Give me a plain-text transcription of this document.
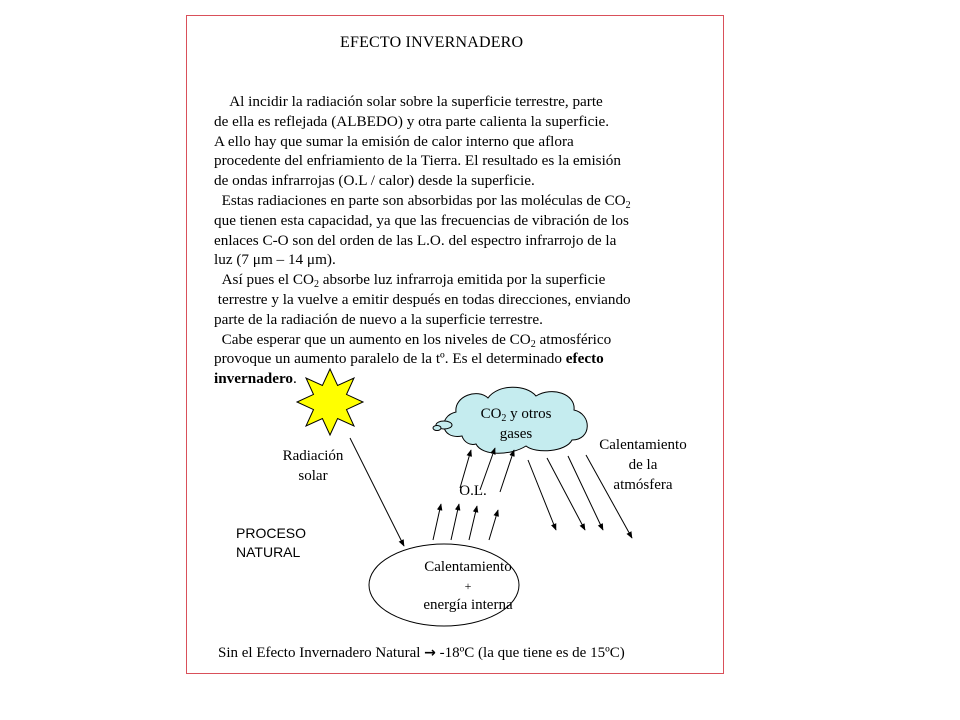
EFECTO INVERNADERO
Al incidir la radiación solar sobre la superficie terrestre, parte
de ella es reflejada (ALBEDO) y otra parte calienta la superficie.
A ello hay que sumar la emisión de calor interno que aflora
procedente del enfriamiento de la Tierra. El resultado es la emisión
de ondas infrarrojas (O.L / calor) desde la superficie.
Estas radiaciones en parte son absorbidas por las moléculas de $CO_2$
que tienen esta capacidad, ya que las frecuencias de vibración de los
enlaces C-O son del orden de las L.O. del espectro infrarrojo de la
luz (7 μm – 14 μm).
Así pues el $CO_2$ absorbe luz infrarroja emitida por la superficie
terrestre y la vuelve a emitir después en todas direcciones, enviando
parte de la radiación de nuevo a la superficie terrestre.
Cabe esperar que un aumento en los niveles de $CO_2$ atmosférico
provoque un aumento paralelo de la tº. Es el determinado efecto
invernadero.
$CO_2$ y otros
gases
Radiación
solar
O.L.
Calentamiento
de la
atmósfera
PROCESO
NATURAL
Calentamiento
+
energía interna
Sin el Efecto Invernadero Natural → -18ºC (la que tiene es de 15ºC)
